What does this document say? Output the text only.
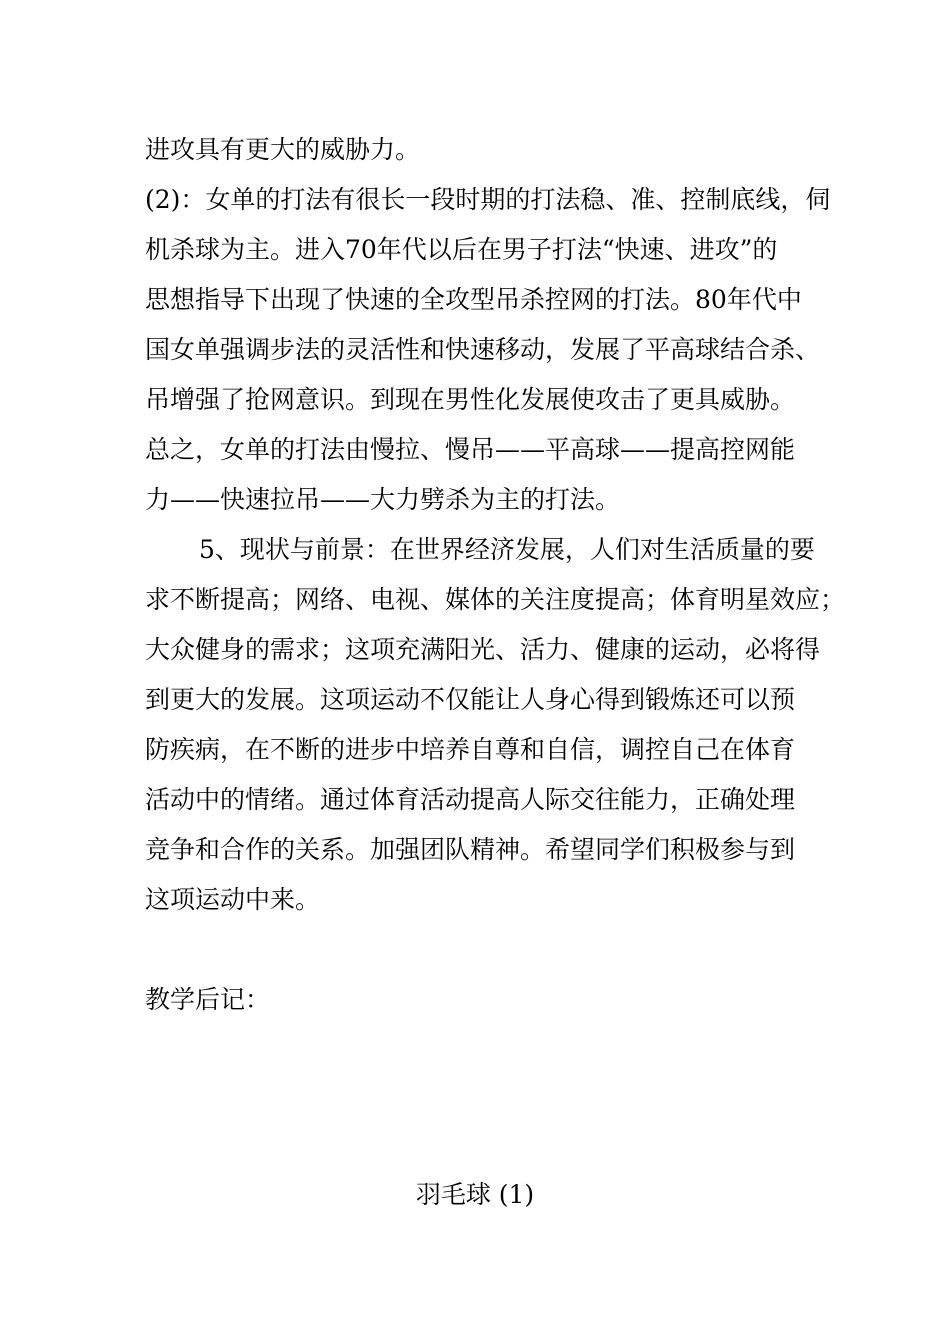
进攻具有更大的威胁力。
(2)：女单的打法有很长一段时期的打法稳、准、控制底线，伺
机杀球为主。进入70年代以后在男子打法“快速、进攻”的
思想指导下出现了快速的全攻型吊杀控网的打法。80年代中
国女单强调步法的灵活性和快速移动，发展了平高球结合杀、
吊增强了抢网意识。到现在男性化发展使攻击了更具威胁。
总之，女单的打法由慢拉、慢吊——平高球——提高控网能
力——快速拉吊——大力劈杀为主的打法。
5、现状与前景：在世界经济发展，人们对生活质量的要
求不断提高；网络、电视、媒体的关注度提高；体育明星效应；
大众健身的需求；这项充满阳光、活力、健康的运动，必将得
到更大的发展。这项运动不仅能让人身心得到锻炼还可以预
防疾病，在不断的进步中培养自尊和自信，调控自己在体育
活动中的情绪。通过体育活动提高人际交往能力，正确处理
竞争和合作的关系。加强团队精神。希望同学们积极参与到
这项运动中来。
教学后记：
羽毛球 (1)
